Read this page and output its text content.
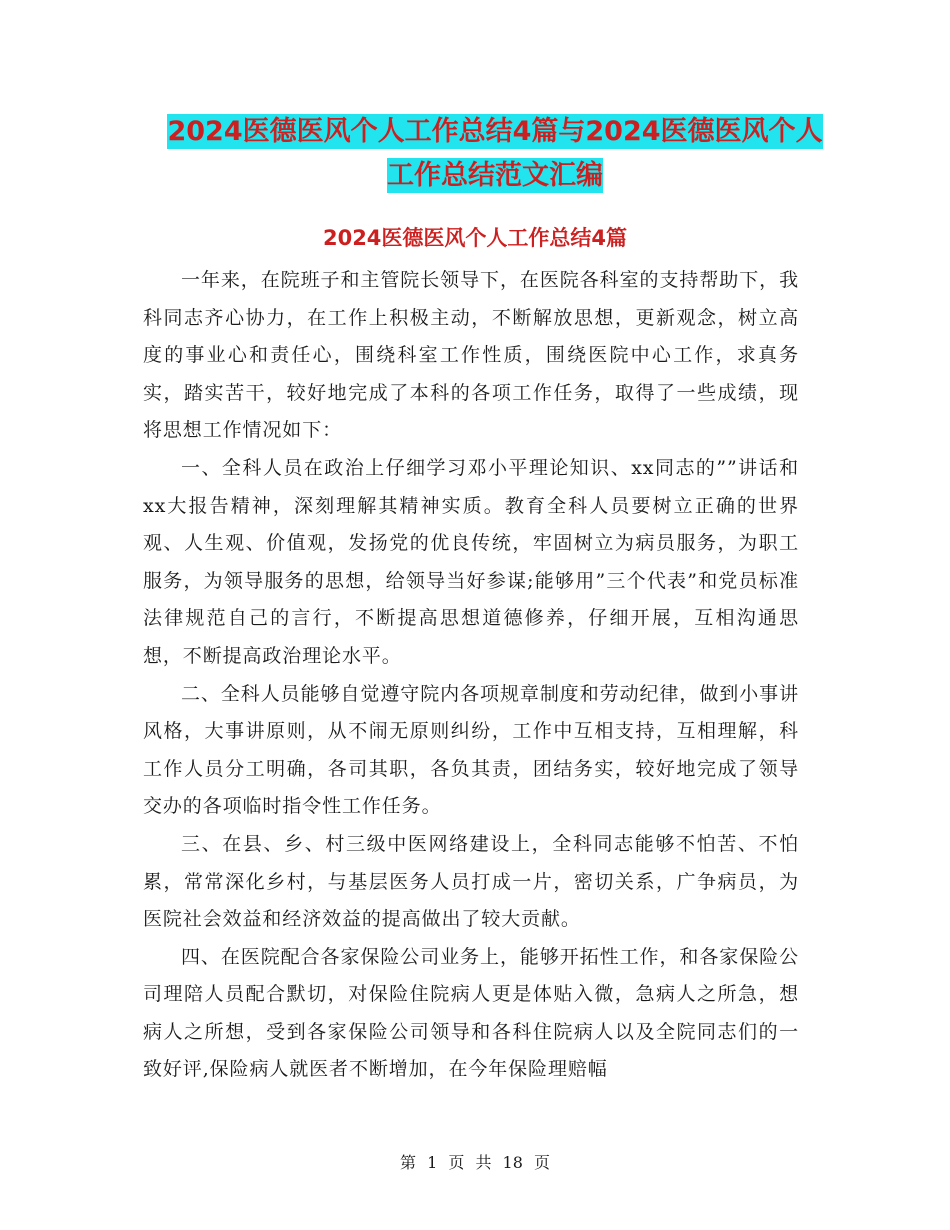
2024医德医风个人工作总结4篇与2024医德医风个人
工作总结范文汇编
2024医德医风个人工作总结4篇

一年来，在院班子和主管院长领导下，在医院各科室的支持帮助下，我科同志齐心协力，在工作上积极主动，不断解放思想，更新观念，树立高度的事业心和责任心，围绕科室工作性质，围绕医院中心工作，求真务实，踏实苦干，较好地完成了本科的各项工作任务，取得了一些成绩，现将思想工作情况如下：

一、全科人员在政治上仔细学习邓小平理论知识、xx同志的””讲话和xx大报告精神，深刻理解其精神实质。教育全科人员要树立正确的世界观、人生观、价值观，发扬党的优良传统，牢固树立为病员服务，为职工服务，为领导服务的思想，给领导当好参谋;能够用”三个代表”和党员标准法律规范自己的言行，不断提高思想道德修养，仔细开展，互相沟通思想，不断提高政治理论水平。

二、全科人员能够自觉遵守院内各项规章制度和劳动纪律，做到小事讲风格，大事讲原则，从不闹无原则纠纷，工作中互相支持，互相理解，科工作人员分工明确，各司其职，各负其责，团结务实，较好地完成了领导交办的各项临时指令性工作任务。

三、在县、乡、村三级中医网络建设上，全科同志能够不怕苦、不怕累，常常深化乡村，与基层医务人员打成一片，密切关系，广争病员，为医院社会效益和经济效益的提高做出了较大贡献。

四、在医院配合各家保险公司业务上，能够开拓性工作，和各家保险公司理陪人员配合默切，对保险住院病人更是体贴入微，急病人之所急，想病人之所想，受到各家保险公司领导和各科住院病人以及全院同志们的一致好评,保险病人就医者不断增加，在今年保险理赔幅

第 1 页 共 18 页
